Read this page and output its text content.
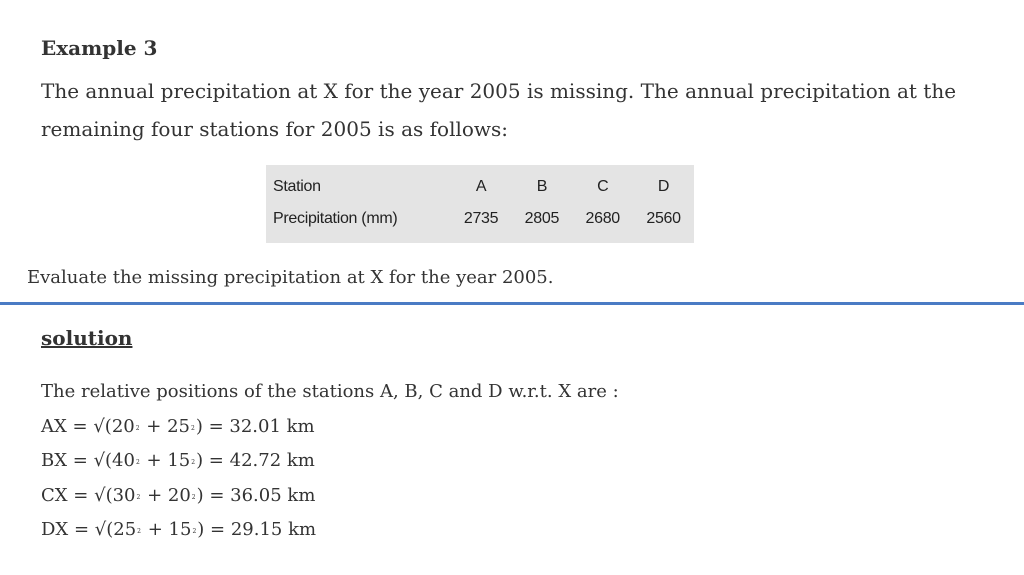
Example 3
The annual precipitation at X for the year 2005 is missing. The annual precipitation at the remaining four stations for 2005 is as follows:
Station	A	B	C	D
Precipitation (mm)	2735	2805	2680	2560
Evaluate the missing precipitation at X for the year 2005.
solution
The relative positions of the stations A, B, C and D w.r.t. X are :
AX = √(202 + 252) = 32.01 km
BX = √(402 + 152) = 42.72 km
CX = √(302 + 202) = 36.05 km
DX = √(252 + 152) = 29.15 km
